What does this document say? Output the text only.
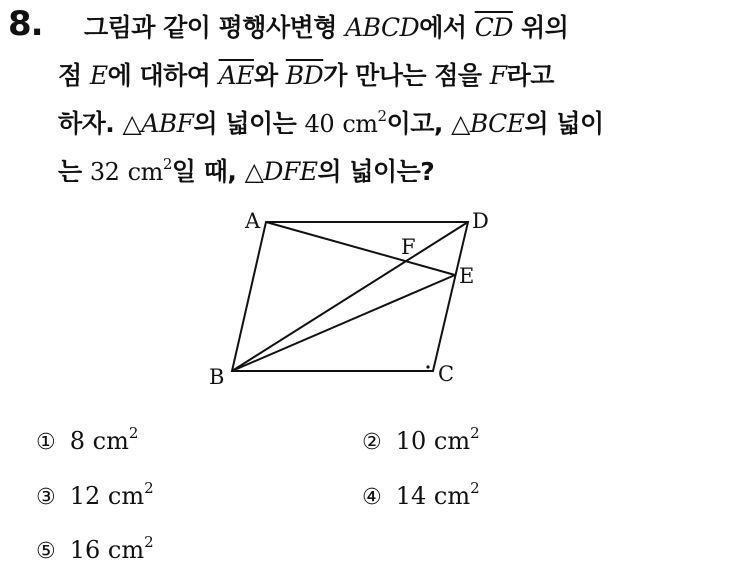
8. 그림과 같이 평행사변형 ABCD에서 $\overline{CD}$ 위의
점 E에 대하여 $\overline{AE}$와 $\overline{BD}$가 만나는 점을 F라고
하자. △ABF의 넓이는 40 $cm^2$이고, △BCE의 넓이
는 32 $cm^2$일 때, △DFE의 넓이는?
A	D
F
E
B	C
① 8 $cm^2$	② 10 $cm^2$
③ 12 $cm^2$	④ 14 $cm^2$
⑤ 16 $cm^2$
